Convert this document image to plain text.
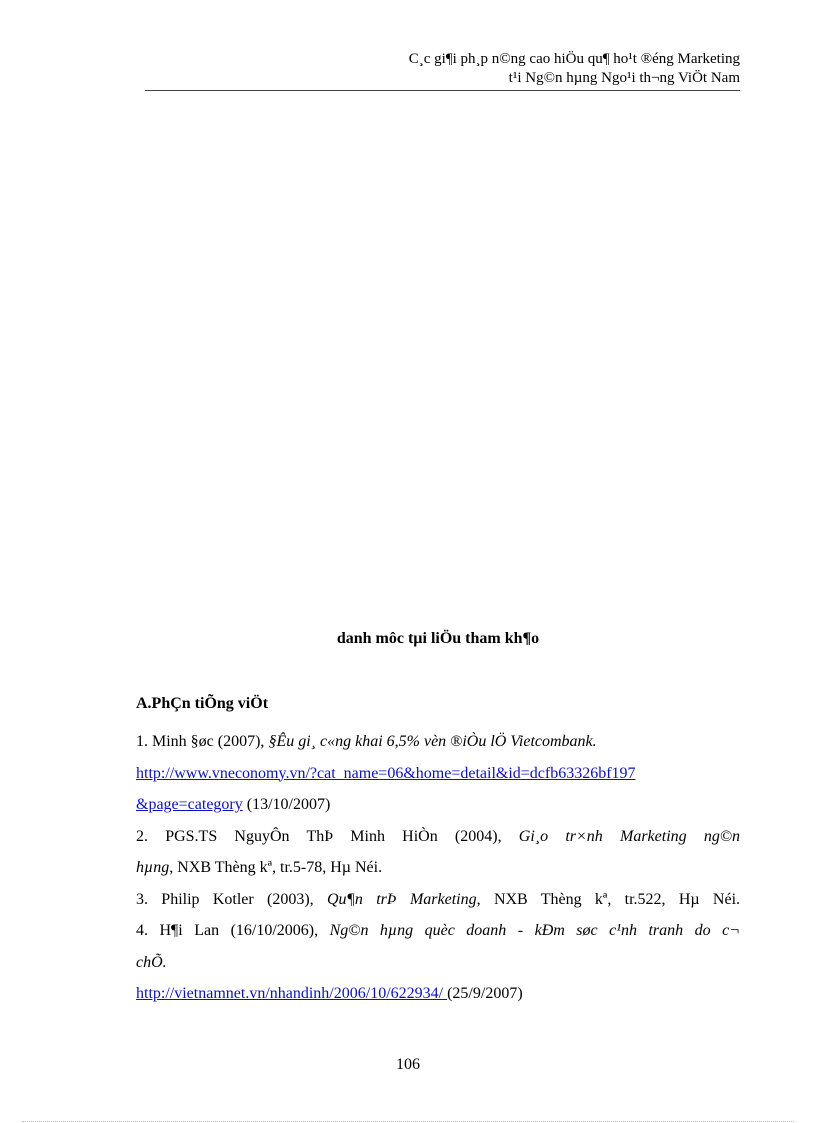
C¸c gi¶i ph¸p n©ng cao hiÖu qu¶ ho¹t ®éng Marketing
t¹i Ng©n hµng Ngo¹i th¬ng ViÖt Nam
danh môc tµi liÖu tham kh¶o
A.PhÇn tiÕng viÖt
1. Minh §øc (2007), §Êu gi¸ c«ng khai 6,5% vèn ®iÒu lÖ Vietcombank.
http://www.vneconomy.vn/?cat_name=06&home=detail&id=dcfb63326bf197
&page=category (13/10/2007)
2. PGS.TS NguyÔn ThÞ Minh HiÒn (2004), Gi¸o tr×nh Marketing ng©n
hµng, NXB Thèng kª, tr.5-78, Hµ Néi.
3. Philip Kotler (2003), Qu¶n trÞ Marketing, NXB Thèng kª, tr.522, Hµ Néi.
4. H¶i Lan (16/10/2006), Ng©n hµng quèc doanh - kÐm søc c¹nh tranh do c¬
chÕ.
http://vietnamnet.vn/nhandinh/2006/10/622934/ (25/9/2007)
106
